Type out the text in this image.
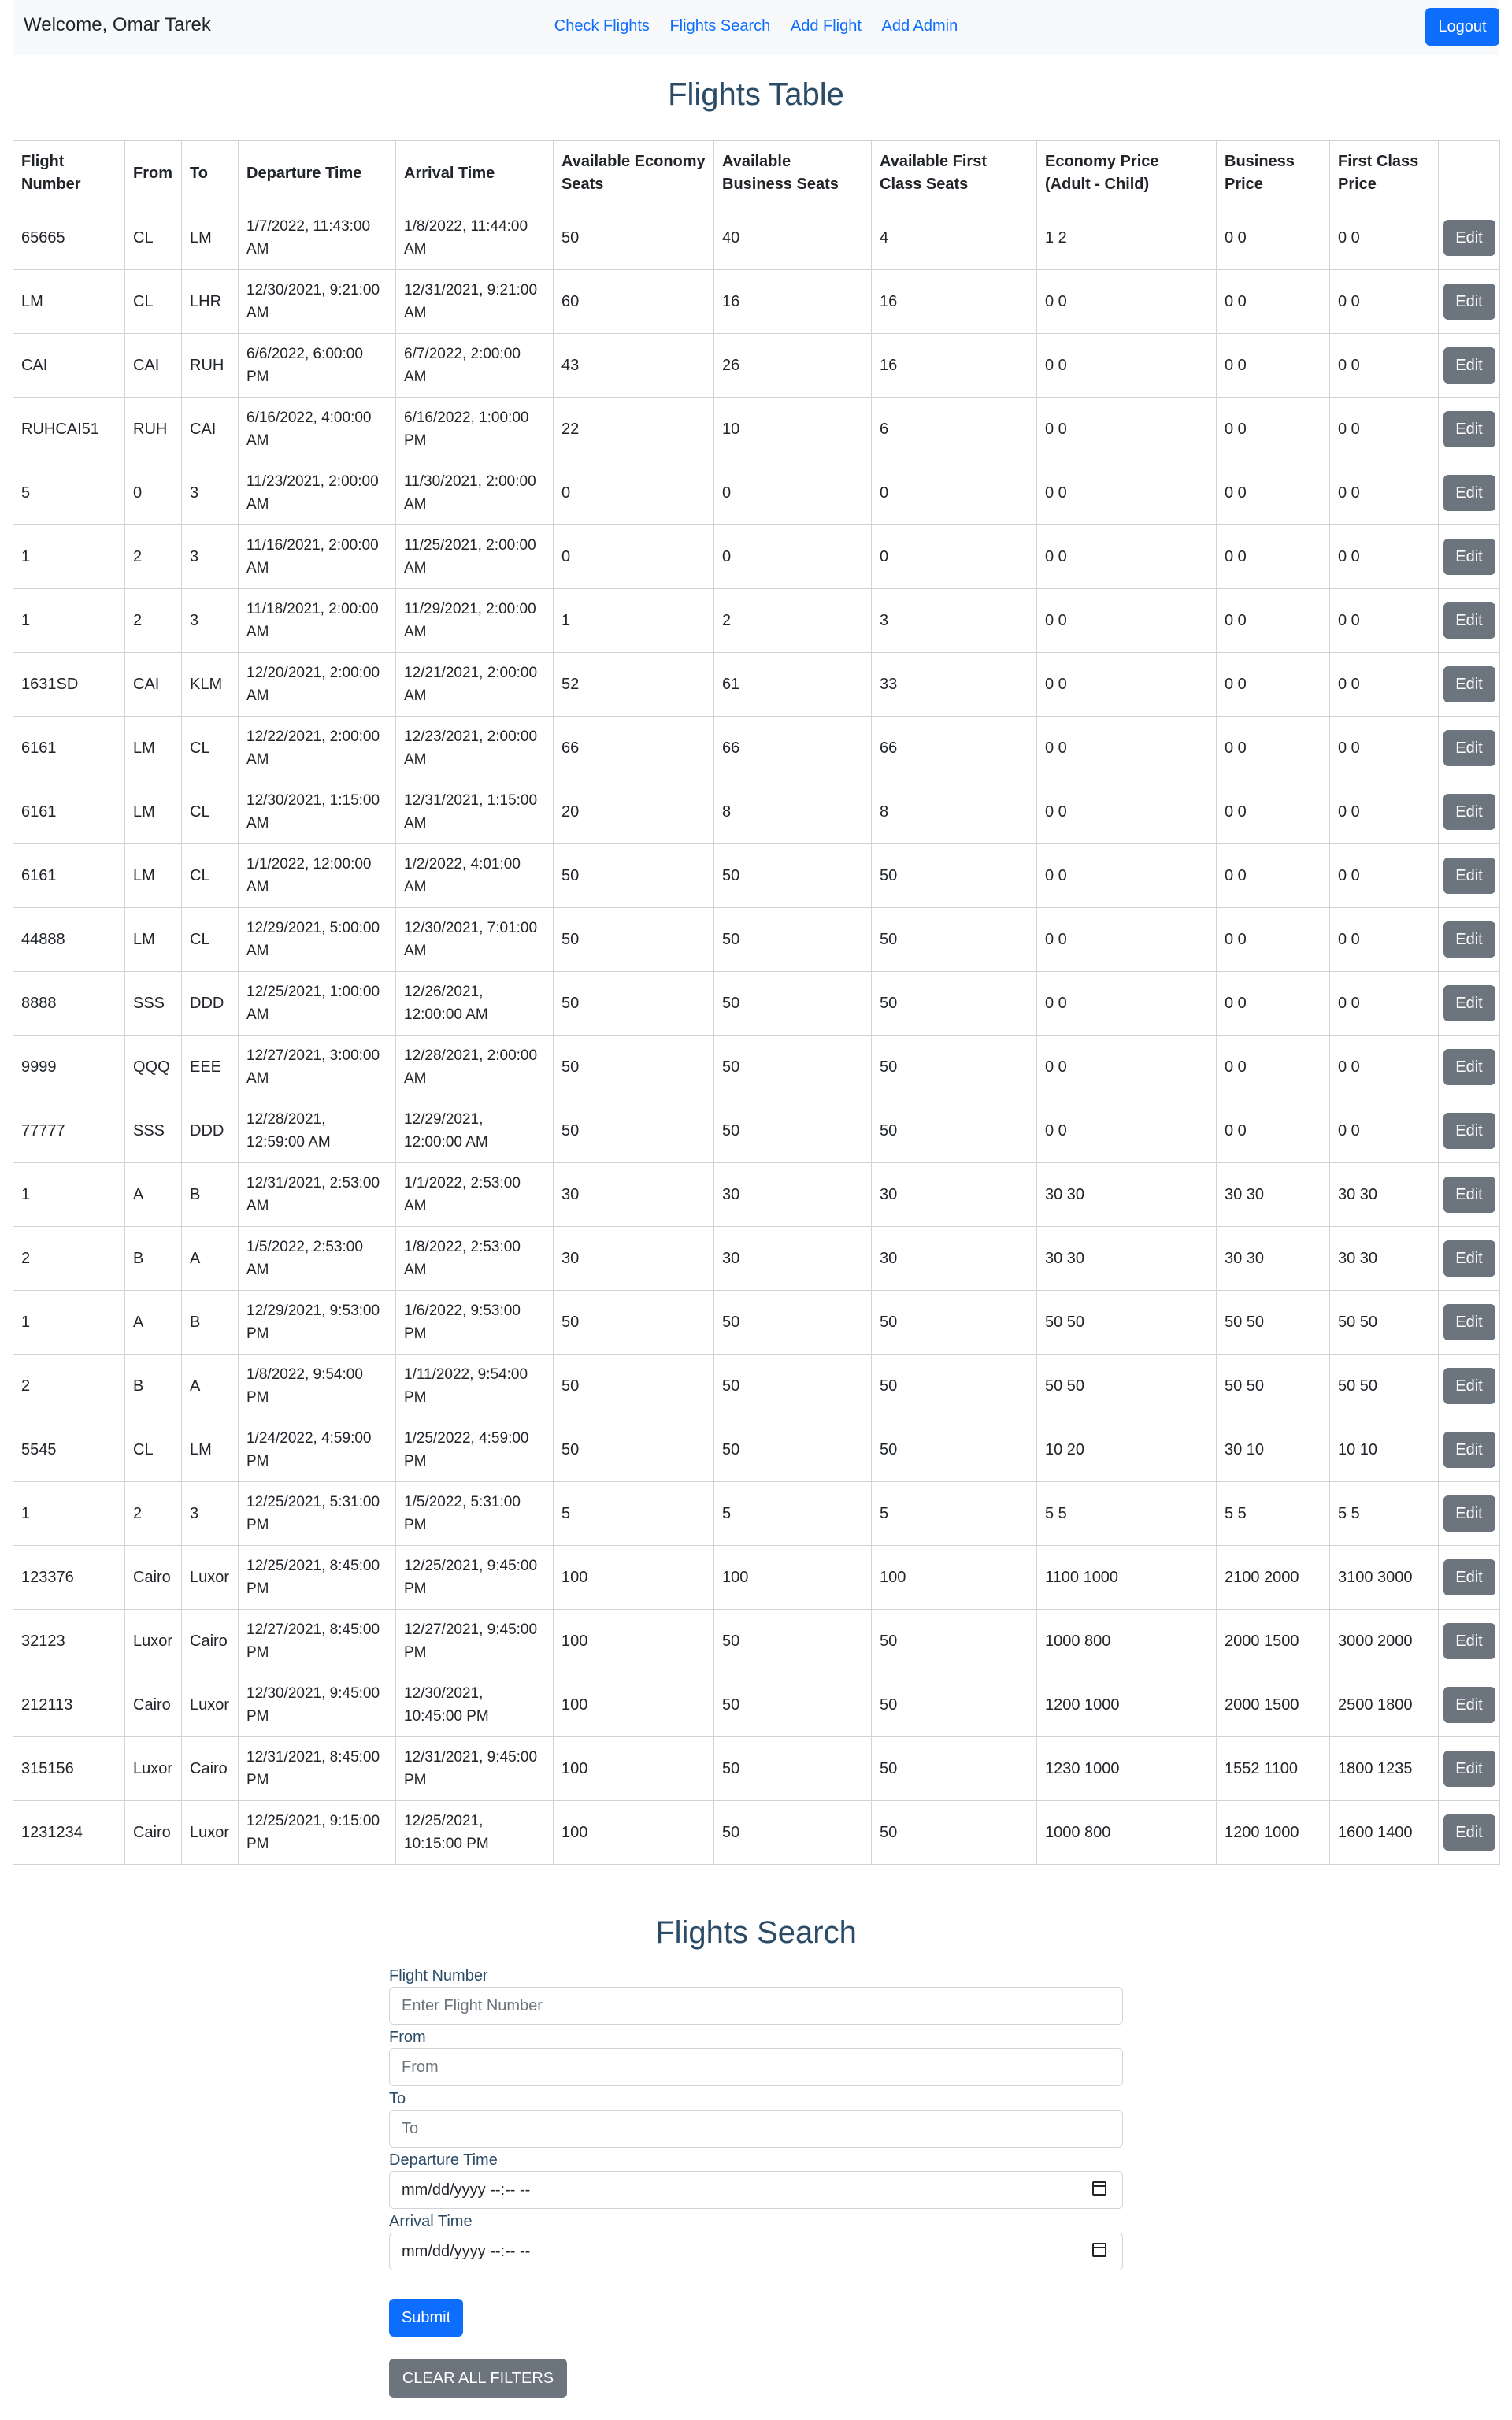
Welcome, Omar Tarek	Check Flights Flights Search Add Flight Add Admin	Logout
Flights Table
Flight Number	From	To	Departure Time	Arrival Time	Available Economy Seats	Available Business Seats	Available First Class Seats	Economy Price (Adult - Child)	Business Price	First Class Price	
65665	CL	LM	1/7/2022, 11:43:00 AM	1/8/2022, 11:44:00 AM	50	40	4	1 2	0 0	0 0	Edit
LM	CL	LHR	12/30/2021, 9:21:00 AM	12/31/2021, 9:21:00 AM	60	16	16	0 0	0 0	0 0	Edit
CAI	CAI	RUH	6/6/2022, 6:00:00 PM	6/7/2022, 2:00:00 AM	43	26	16	0 0	0 0	0 0	Edit
RUHCAI51	RUH	CAI	6/16/2022, 4:00:00 AM	6/16/2022, 1:00:00 PM	22	10	6	0 0	0 0	0 0	Edit
5	0	3	11/23/2021, 2:00:00 AM	11/30/2021, 2:00:00 AM	0	0	0	0 0	0 0	0 0	Edit
1	2	3	11/16/2021, 2:00:00 AM	11/25/2021, 2:00:00 AM	0	0	0	0 0	0 0	0 0	Edit
1	2	3	11/18/2021, 2:00:00 AM	11/29/2021, 2:00:00 AM	1	2	3	0 0	0 0	0 0	Edit
1631SD	CAI	KLM	12/20/2021, 2:00:00 AM	12/21/2021, 2:00:00 AM	52	61	33	0 0	0 0	0 0	Edit
6161	LM	CL	12/22/2021, 2:00:00 AM	12/23/2021, 2:00:00 AM	66	66	66	0 0	0 0	0 0	Edit
6161	LM	CL	12/30/2021, 1:15:00 AM	12/31/2021, 1:15:00 AM	20	8	8	0 0	0 0	0 0	Edit
6161	LM	CL	1/1/2022, 12:00:00 AM	1/2/2022, 4:01:00 AM	50	50	50	0 0	0 0	0 0	Edit
44888	LM	CL	12/29/2021, 5:00:00 AM	12/30/2021, 7:01:00 AM	50	50	50	0 0	0 0	0 0	Edit
8888	SSS	DDD	12/25/2021, 1:00:00 AM	12/26/2021, 12:00:00 AM	50	50	50	0 0	0 0	0 0	Edit
9999	QQQ	EEE	12/27/2021, 3:00:00 AM	12/28/2021, 2:00:00 AM	50	50	50	0 0	0 0	0 0	Edit
77777	SSS	DDD	12/28/2021, 12:59:00 AM	12/29/2021, 12:00:00 AM	50	50	50	0 0	0 0	0 0	Edit
1	A	B	12/31/2021, 2:53:00 AM	1/1/2022, 2:53:00 AM	30	30	30	30 30	30 30	30 30	Edit
2	B	A	1/5/2022, 2:53:00 AM	1/8/2022, 2:53:00 AM	30	30	30	30 30	30 30	30 30	Edit
1	A	B	12/29/2021, 9:53:00 PM	1/6/2022, 9:53:00 PM	50	50	50	50 50	50 50	50 50	Edit
2	B	A	1/8/2022, 9:54:00 PM	1/11/2022, 9:54:00 PM	50	50	50	50 50	50 50	50 50	Edit
5545	CL	LM	1/24/2022, 4:59:00 PM	1/25/2022, 4:59:00 PM	50	50	50	10 20	30 10	10 10	Edit
1	2	3	12/25/2021, 5:31:00 PM	1/5/2022, 5:31:00 PM	5	5	5	5 5	5 5	5 5	Edit
123376	Cairo	Luxor	12/25/2021, 8:45:00 PM	12/25/2021, 9:45:00 PM	100	100	100	1100 1000	2100 2000	3100 3000	Edit
32123	Luxor	Cairo	12/27/2021, 8:45:00 PM	12/27/2021, 9:45:00 PM	100	50	50	1000 800	2000 1500	3000 2000	Edit
212113	Cairo	Luxor	12/30/2021, 9:45:00 PM	12/30/2021, 10:45:00 PM	100	50	50	1200 1000	2000 1500	2500 1800	Edit
315156	Luxor	Cairo	12/31/2021, 8:45:00 PM	12/31/2021, 9:45:00 PM	100	50	50	1230 1000	1552 1100	1800 1235	Edit
1231234	Cairo	Luxor	12/25/2021, 9:15:00 PM	12/25/2021, 10:15:00 PM	100	50	50	1000 800	1200 1000	1600 1400	Edit
Flights Search
Flight Number
Enter Flight Number
From
From
To
To
Departure Time
mm/dd/yyyy --:-- --
Arrival Time
mm/dd/yyyy --:-- --
Submit
CLEAR ALL FILTERS
